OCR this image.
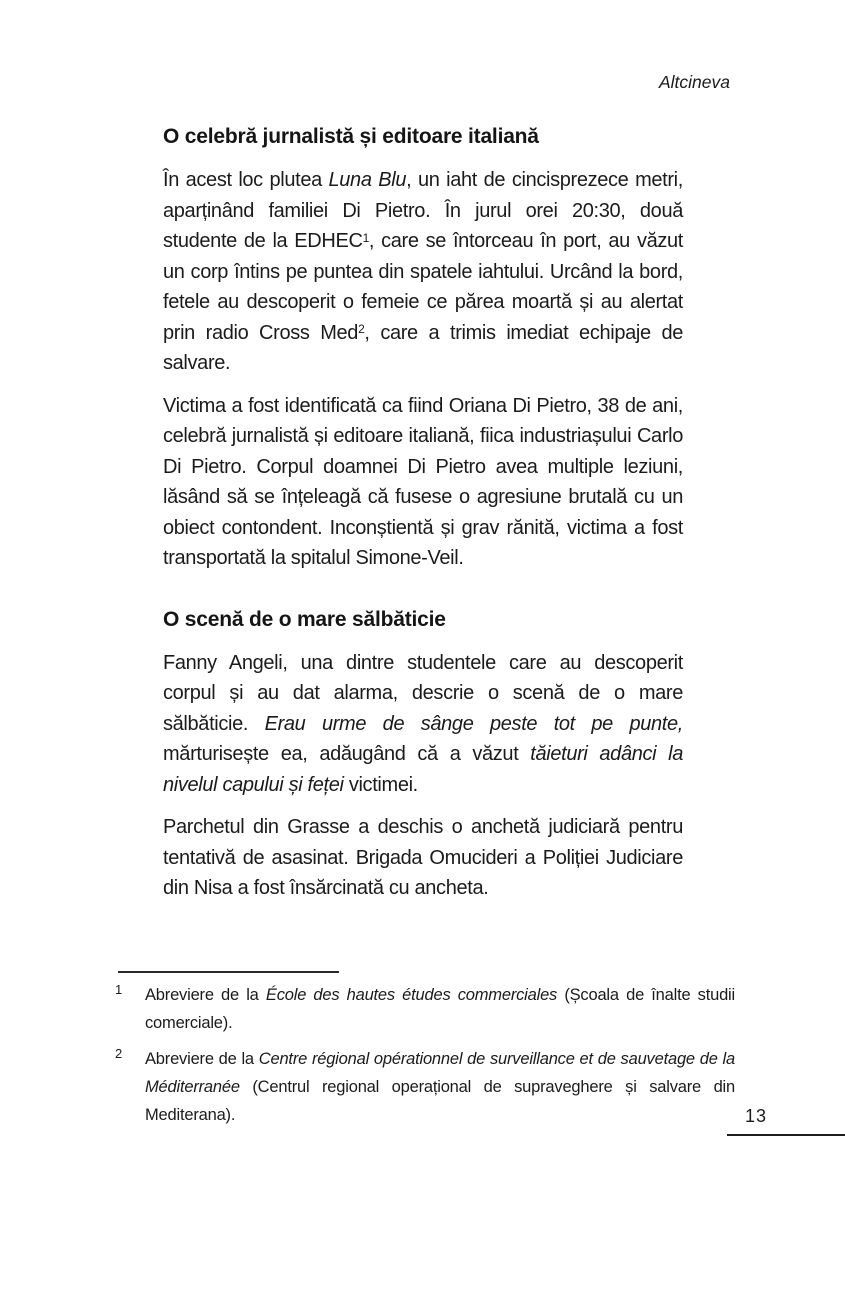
Altcineva
O celebră jurnalistă și editoare italiană

În acest loc plutea Luna Blu, un iaht de cincisprezece metri, aparținând familiei Di Pietro. În jurul orei 20:30, două studente de la EDHEC$^1$, care se întorceau în port, au văzut un corp întins pe puntea din spatele iahtului. Urcând la bord, fetele au descoperit o femeie ce părea moartă și au alertat prin radio Cross Med$^2$, care a trimis imediat echipaje de salvare.

Victima a fost identificată ca fiind Oriana Di Pietro, 38 de ani, celebră jurnalistă și editoare italiană, fiica industriașului Carlo Di Pietro. Corpul doamnei Di Pietro avea multiple leziuni, lăsând să se înțeleagă că fusese o agresiune brutală cu un obiect contondent. Inconștientă și grav rănită, victima a fost transportată la spitalul Simone-Veil.

O scenă de o mare sălbăticie

Fanny Angeli, una dintre studentele care au descoperit corpul și au dat alarma, descrie o scenă de o mare sălbăticie. Erau urme de sânge peste tot pe punte, mărturisește ea, adăugând că a văzut tăieturi adânci la nivelul capului și feței victimei.

Parchetul din Grasse a deschis o anchetă judiciară pentru tentativă de asasinat. Brigada Omucideri a Poliției Judiciare din Nisa a fost însărcinată cu ancheta.

1	Abreviere de la École des hautes études commerciales (Școala de înalte studii comerciale).
2	Abreviere de la Centre régional opérationnel de surveillance et de sauvetage de la Méditerranée (Centrul regional operațional de supraveghere și salvare din Mediterana).	13
